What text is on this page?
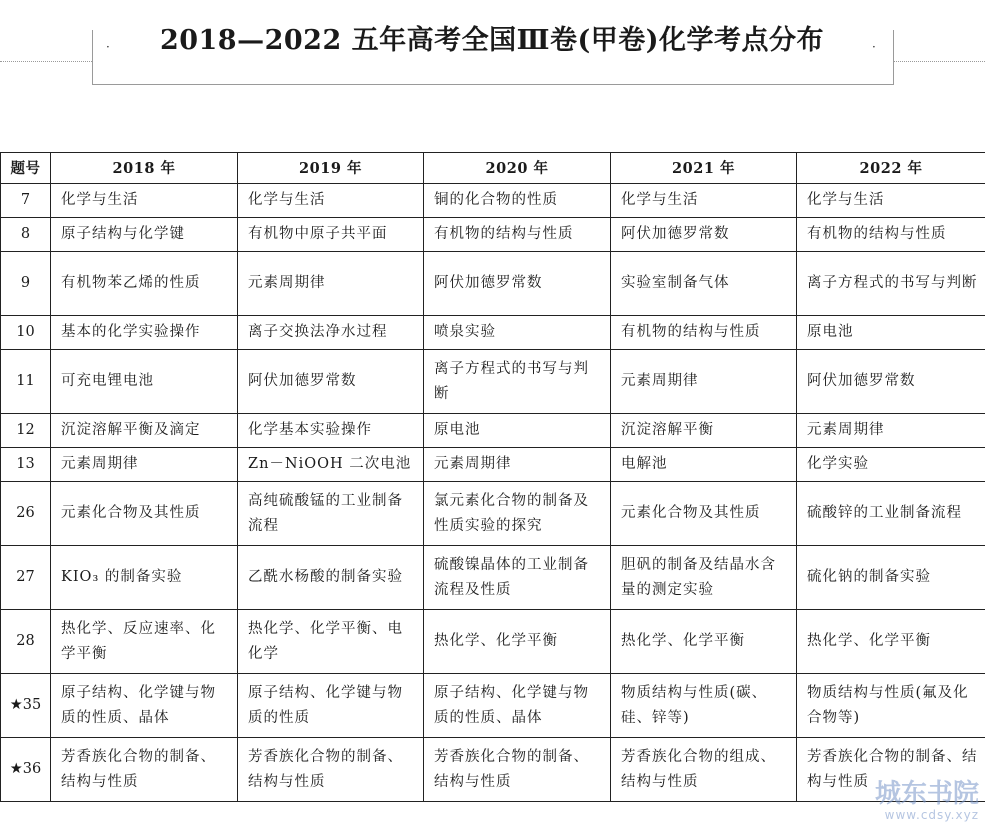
·	·
2018—2022 五年高考全国Ⅲ卷(甲卷)化学考点分布
题号	2018 年	2019 年	2020 年	2021 年	2022 年
7	化学与生活	化学与生活	铜的化合物的性质	化学与生活	化学与生活
8	原子结构与化学键	有机物中原子共平面	有机物的结构与性质	阿伏加德罗常数	有机物的结构与性质
9	有机物苯乙烯的性质	元素周期律	阿伏加德罗常数	实验室制备气体	离子方程式的书写与判断
10	基本的化学实验操作	离子交换法净水过程	喷泉实验	有机物的结构与性质	原电池
11	可充电锂电池	阿伏加德罗常数	离子方程式的书写与判断	元素周期律	阿伏加德罗常数
12	沉淀溶解平衡及滴定	化学基本实验操作	原电池	沉淀溶解平衡	元素周期律
13	元素周期律	Zn－NiOOH 二次电池	元素周期律	电解池	化学实验
26	元素化合物及其性质	高纯硫酸锰的工业制备流程	氯元素化合物的制备及性质实验的探究	元素化合物及其性质	硫酸锌的工业制备流程
27	KIO₃ 的制备实验	乙酰水杨酸的制备实验	硫酸镍晶体的工业制备流程及性质	胆矾的制备及结晶水含量的测定实验	硫化钠的制备实验
28	热化学、反应速率、化学平衡	热化学、化学平衡、电化学	热化学、化学平衡	热化学、化学平衡	热化学、化学平衡
★35	原子结构、化学键与物质的性质、晶体	原子结构、化学键与物质的性质	原子结构、化学键与物质的性质、晶体	物质结构与性质(碳、硅、锌等)	物质结构与性质(氟及化合物等)
★36	芳香族化合物的制备、结构与性质	芳香族化合物的制备、结构与性质	芳香族化合物的制备、结构与性质	芳香族化合物的组成、结构与性质	芳香族化合物的制备、结构与性质 城东书院
www.cdsy.xyz
